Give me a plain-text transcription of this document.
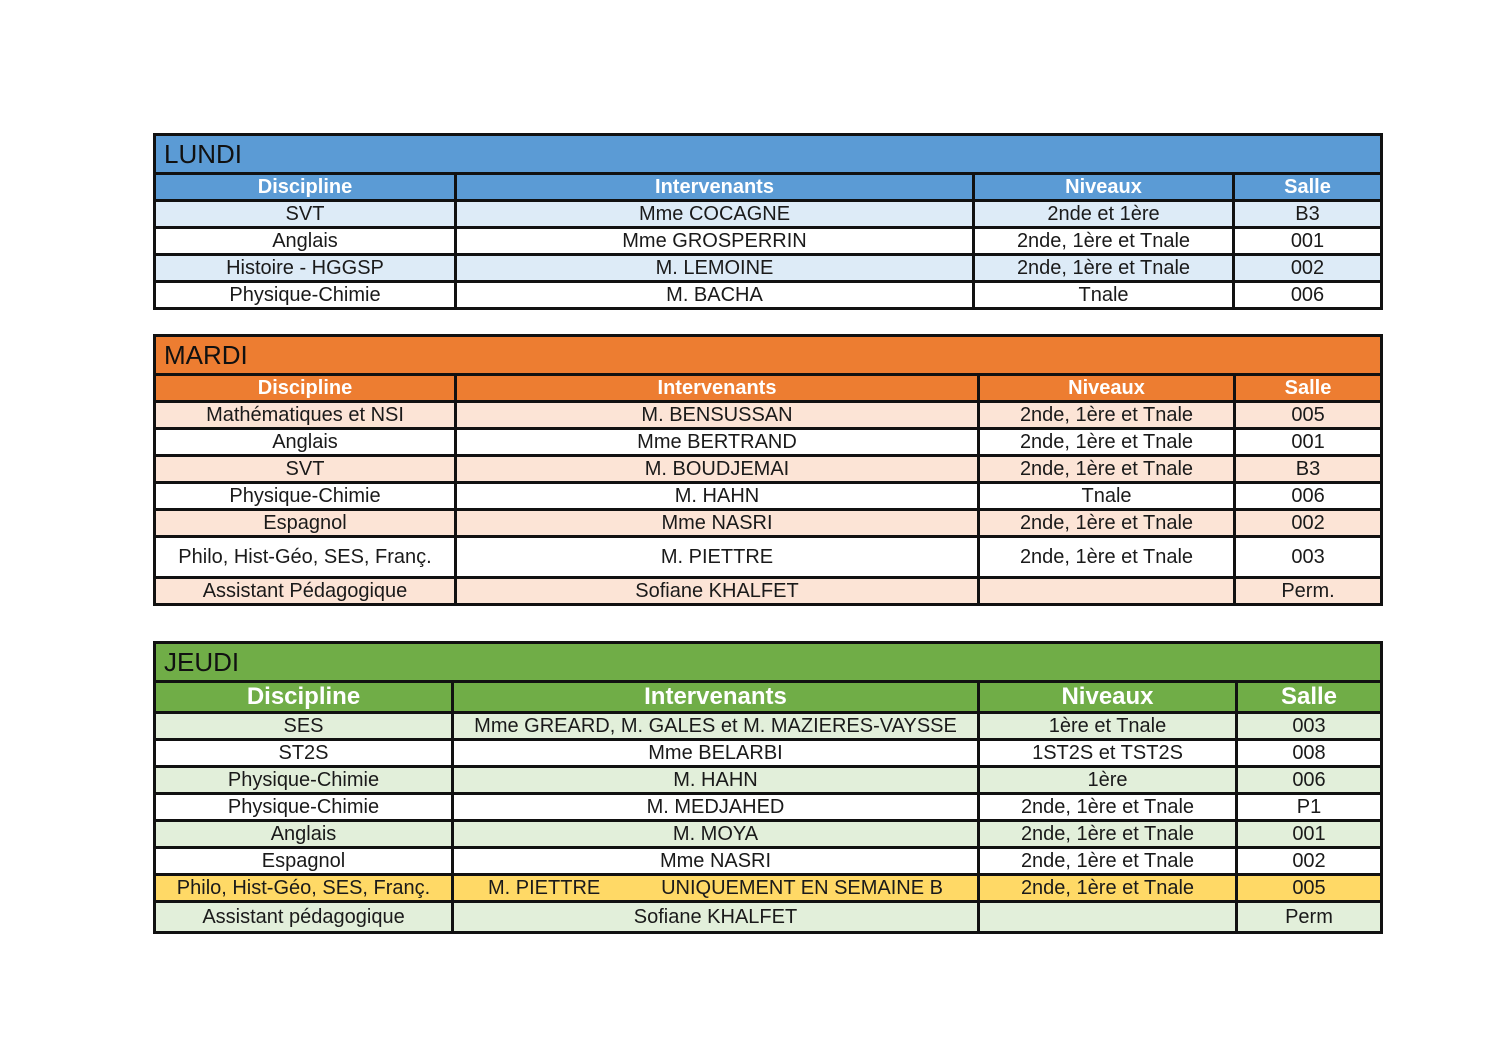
LUNDI			
Discipline	Intervenants	Niveaux	Salle
SVT	Mme COCAGNE	2nde et 1ère	B3
Anglais	Mme GROSPERRIN	2nde, 1ère et Tnale	001
Histoire - HGGSP	M. LEMOINE	2nde, 1ère et Tnale	002
Physique-Chimie	M. BACHA	Tnale	006
MARDI			
Discipline	Intervenants	Niveaux	Salle
Mathématiques et NSI	M. BENSUSSAN	2nde, 1ère et Tnale	005
Anglais	Mme BERTRAND	2nde, 1ère et Tnale	001
SVT	M. BOUDJEMAI	2nde, 1ère et Tnale	B3
Physique-Chimie	M. HAHN	Tnale	006
Espagnol	Mme NASRI	2nde, 1ère et Tnale	002
Philo, Hist-Géo, SES, Franç.	M. PIETTRE	2nde, 1ère et Tnale	003
Assistant Pédagogique	Sofiane KHALFET		Perm.
JEUDI			
Discipline	Intervenants	Niveaux	Salle
SES	Mme GREARD, M. GALES et M. MAZIERES-VAYSSE	1ère et Tnale	003
ST2S	Mme BELARBI	1ST2S et TST2S	008
Physique-Chimie	M. HAHN	1ère	006
Physique-Chimie	M. MEDJAHED	2nde, 1ère et Tnale	P1
Anglais	M. MOYA	2nde, 1ère et Tnale	001
Espagnol	Mme NASRI	2nde, 1ère et Tnale	002
Philo, Hist-Géo, SES, Franç.	M. PIETTRE UNIQUEMENT EN SEMAINE B	2nde, 1ère et Tnale	005
Assistant pédagogique	Sofiane KHALFET		Perm
